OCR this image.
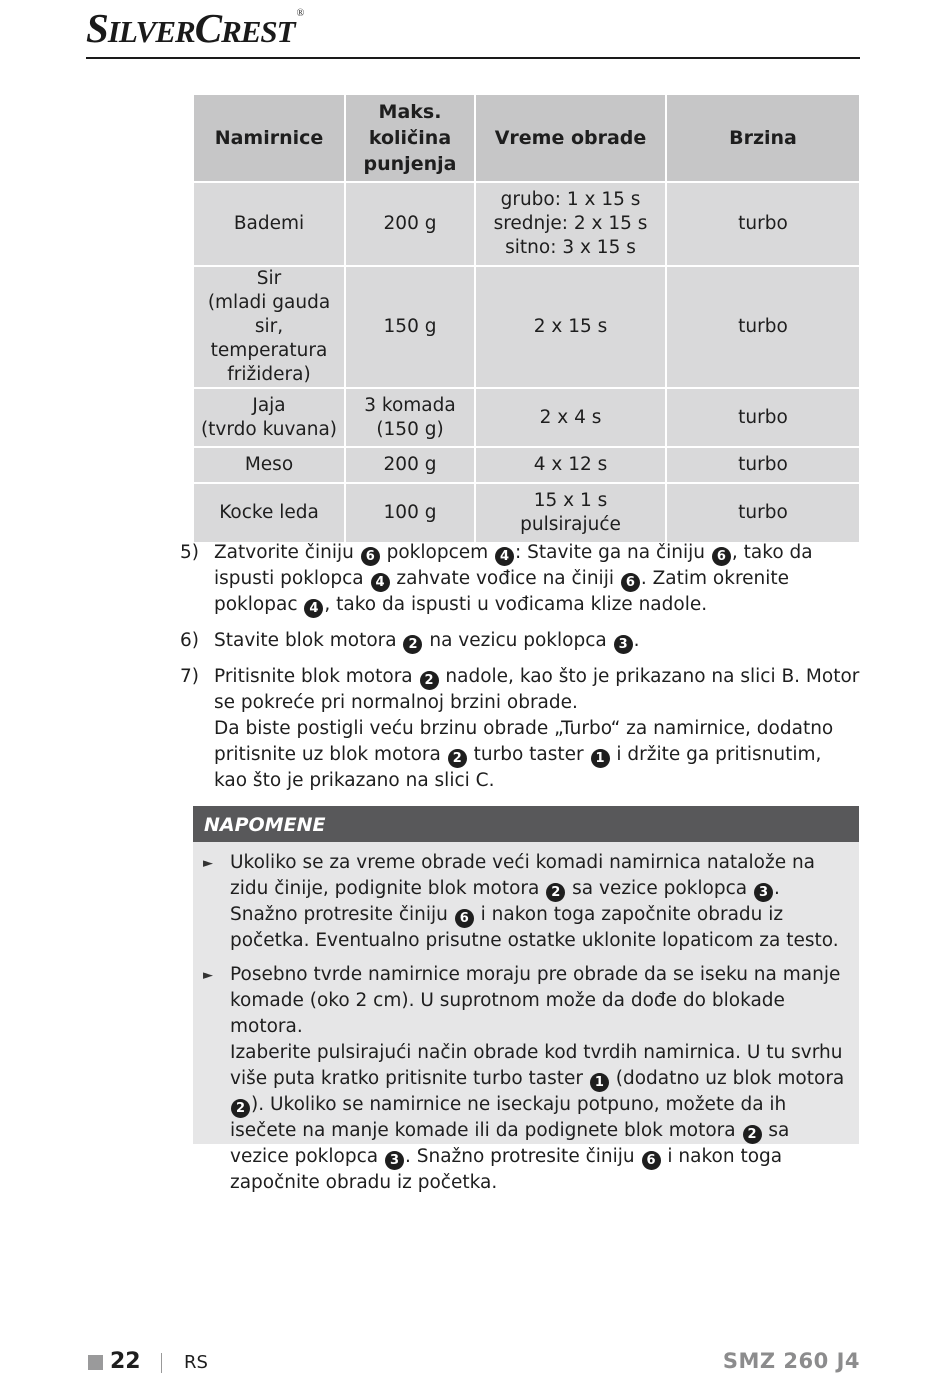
SILVERCREST®
Namirnice	Maks.
količina
punjenja	Vreme obrade	Brzina
Bademi	200 g	grubo: 1 x 15 s
srednje: 2 x 15 s
sitno: 3 x 15 s	turbo
Sir
(mladi gauda
sir, temperatura
frižidera)	150 g	2 x 15 s	turbo
Jaja
(tvrdo kuvana)	3 komada
(150 g)	2 x 4 s	turbo
Meso	200 g	4 x 12 s	turbo
Kocke leda	100 g	15 x 1 s
pulsirajuće	turbo
5) Zatvorite činiju 6 poklopcem 4 : Stavite ga na činiju 6 , tako da ispusti poklopca 4 zahvate vođice na činiji 6 . Zatim okrenite poklopac 4 , tako da ispusti u vođicama klize nadole.

6) Stavite blok motora 2 na vezicu poklopca 3 .

7) Pritisnite blok motora 2 nadole, kao što je prikazano na slici B. Motor se pokreće pri normalnoj brzini obrade.

Da biste postigli veću brzinu obrade „Turbo“ za namirnice, dodatno pritisnite uz blok motora 2 turbo taster 1 i držite ga pritisnutim, kao što je prikazano na slici C.

NAPOMENE
► Ukoliko se za vreme obrade veći komadi namirnica natalože na zidu činije, podignite blok motora 2 sa vezice poklopca 3 . Snažno protresite činiju 6 i nakon toga započnite obradu iz početka. Eventualno prisutne ostatke uklonite lopaticom za testo.

► Posebno tvrde namirnice moraju pre obrade da se iseku na manje komade (oko 2 cm). U suprotnom može da dođe do blokade motora.

Izaberite pulsirajući način obrade kod tvrdih namirnica. U tu svrhu više puta kratko pritisnite turbo taster 1 (dodatno uz blok motora 2 ). Ukoliko se namirnice ne iseckaju potpuno, možete da ih isečete na manje komade ili da podignete blok motora 2 sa vezice poklopca 3 . Snažno protresite činiju 6 i nakon toga započnite obradu iz početka.

22 RS	SMZ 260 J4
